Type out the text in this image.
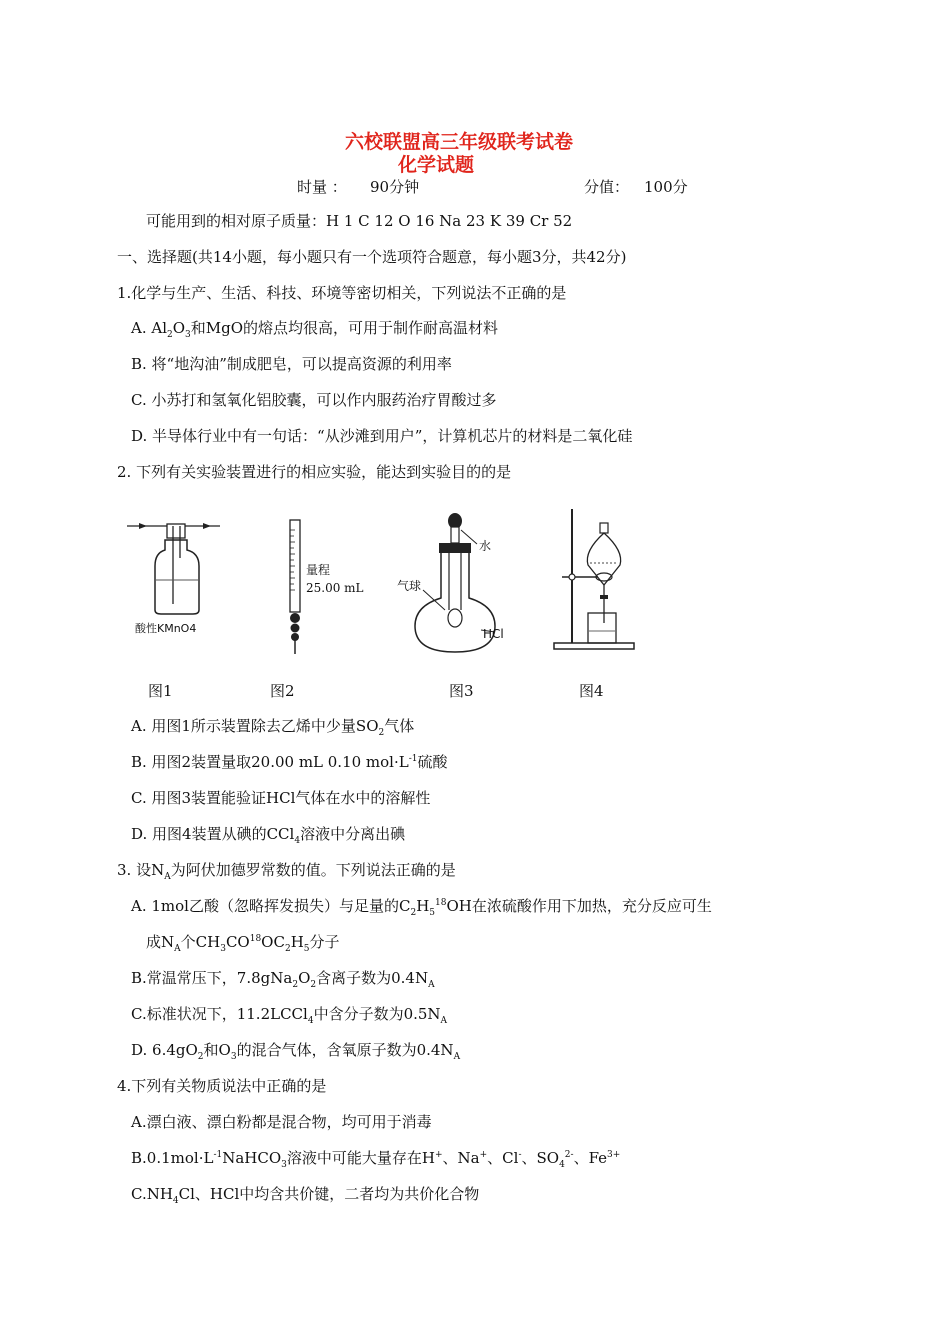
六校联盟高三年级联考试卷
化学试题
时量 ： 90分钟	分值： 100分
可能用到的相对原子质量：H 1 C 12 O 16 Na 23 K 39 Cr 52
一、选择题(共14小题，每小题只有一个选项符合题意，每小题3分，共42分)
1.化学与生产、生活、科技、环境等密切相关，下列说法不正确的是
A. $Al_2O_3$和MgO的熔点均很高，可用于制作耐高温材料
B. 将“地沟油”制成肥皂，可以提高资源的利用率
C. 小苏打和氢氧化铝胶囊，可以作内服药治疗胃酸过多
D. 半导体行业中有一句话：“从沙滩到用户”，计算机芯片的材料是二氧化硅
2. 下列有关实验装置进行的相应实验，能达到实验目的的是
酸性KMnO4
量程
25.00 mL
水
气球
HCl
图1	图2	图3	图4
A. 用图1所示装置除去乙烯中少量$SO_2$气体
B. 用图2装置量取20.00 mL 0.10 $mol\cdot L^{-1}$硫酸
C. 用图3装置能验证HCl气体在水中的溶解性
D. 用图4装置从碘的CCl$_4$溶液中分离出碘
3. 设$N_A$为阿伏加德罗常数的值。下列说法正确的是
A. 1mol乙酸（忽略挥发损失）与足量的$C_2H_5^{18}OH$在浓硫酸作用下加热，充分反应可生
成$N_A$个$CH_3CO^{18}OC_2H_5$分子
B.常温常压下，$7.8gNa_2O_2$含离子数为$0.4N_A$
C.标准状况下，11.2LCCl$_4$中含分子数为$0.5N_A$
D. $6.4gO_2$和$O_3$的混合气体，含氧原子数为$0.4N_A$
4.下列有关物质说法中正确的是
A.漂白液、漂白粉都是混合物，均可用于消毒
$B.0.1mol\cdot L^{-1}NaHCO_3$溶液中可能大量存在H+、Na+、Cl-、$SO_4^{2-}$、$Fe^{3+}$
$C.NH_4Cl$、HCl中均含共价键，二者均为共价化合物
